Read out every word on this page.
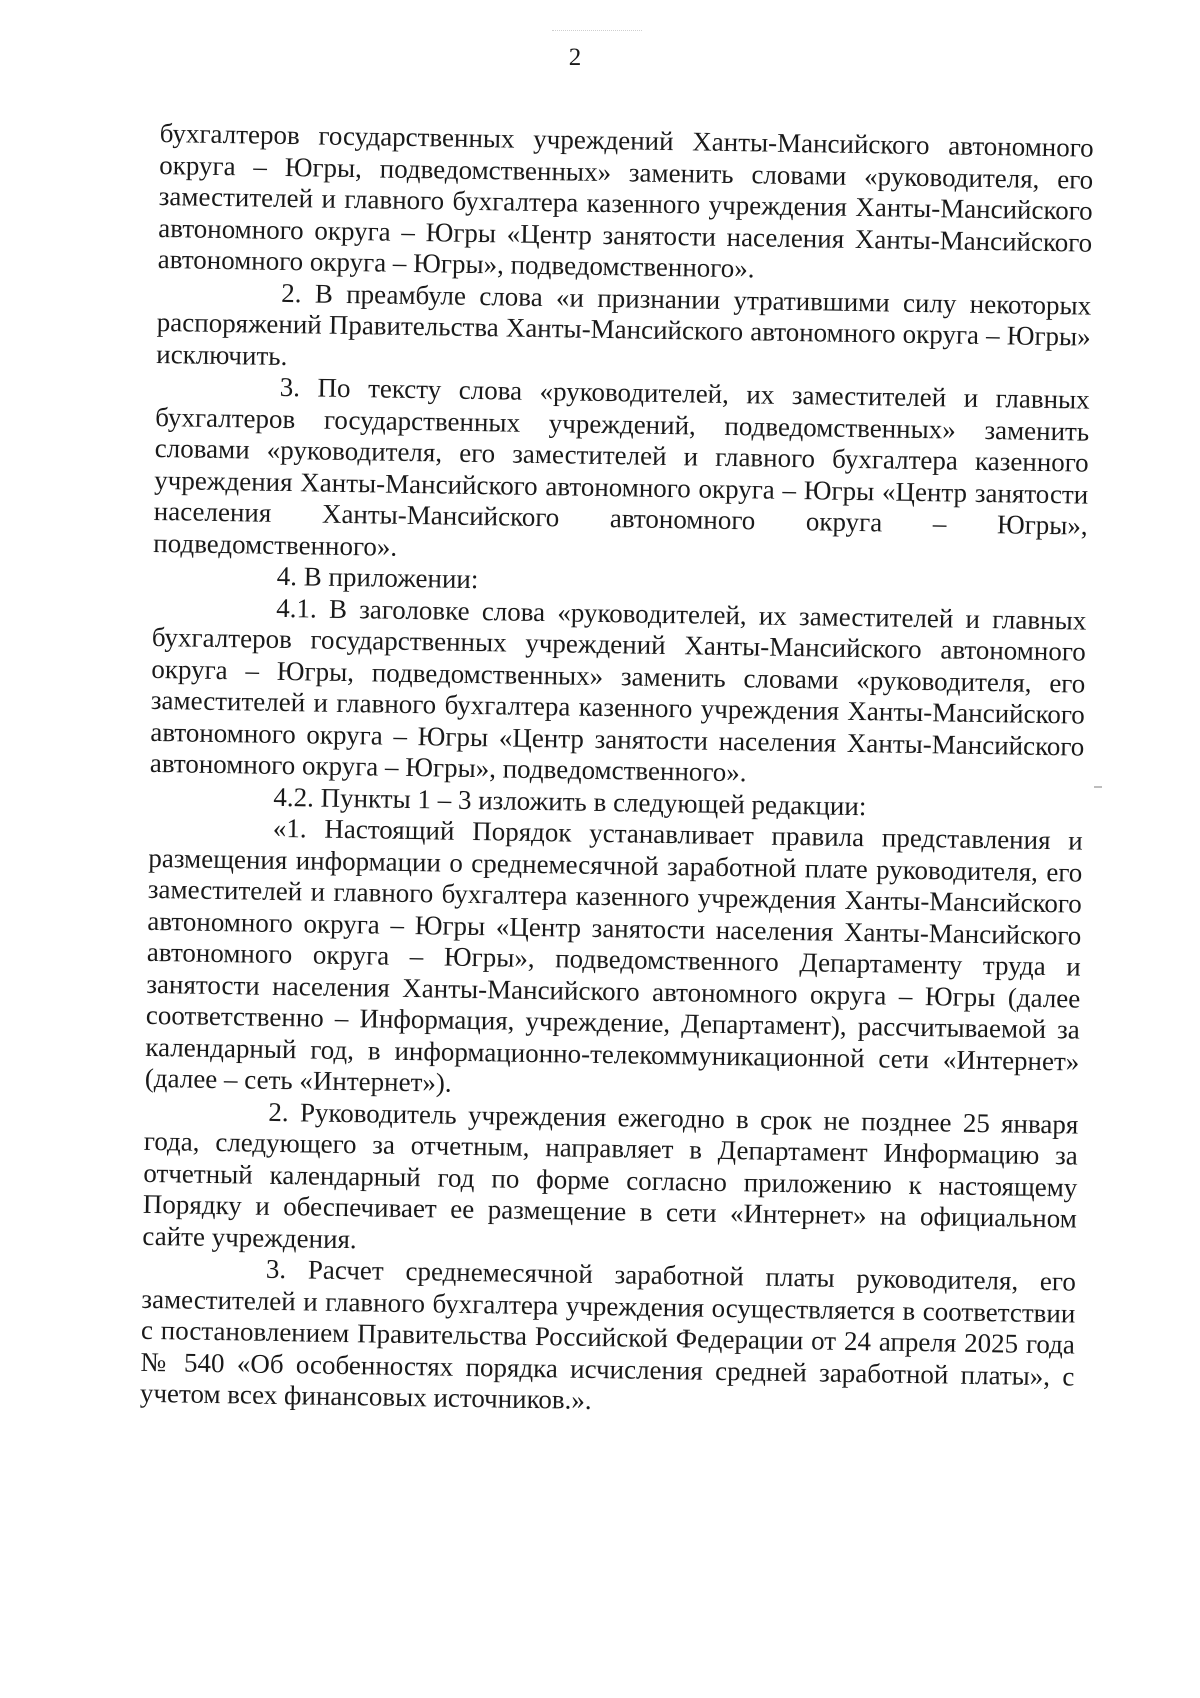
2

бухгалтеров государственных учреждений Ханты-Мансийского автономного округа – Югры, подведомственных» заменить словами «руководителя, его заместителей и главного бухгалтера казенного учреждения Ханты-Мансийского автономного округа – Югры «Центр занятости населения Ханты-Мансийского автономного округа – Югры», подведомственного».

2. В преамбуле слова «и признании утратившими силу некоторых распоряжений Правительства Ханты-Мансийского автономного округа – Югры» исключить.

3. По тексту слова «руководителей, их заместителей и главных бухгалтеров государственных учреждений, подведомственных» заменить словами «руководителя, его заместителей и главного бухгалтера казенного учреждения Ханты-Мансийского автономного округа – Югры «Центр занятости населения Ханты-Мансийского автономного округа – Югры», подведомственного».

4. В приложении:

4.1. В заголовке слова «руководителей, их заместителей и главных бухгалтеров государственных учреждений Ханты-Мансийского автономного округа – Югры, подведомственных» заменить словами «руководителя, его заместителей и главного бухгалтера казенного учреждения Ханты-Мансийского автономного округа – Югры «Центр занятости населения Ханты-Мансийского автономного округа – Югры», подведомственного».

4.2. Пункты 1 – 3 изложить в следующей редакции:

«1. Настоящий Порядок устанавливает правила представления и размещения информации о среднемесячной заработной плате руководителя, его заместителей и главного бухгалтера казенного учреждения Ханты-Мансийского автономного округа – Югры «Центр занятости населения Ханты-Мансийского автономного округа – Югры», подведомственного Департаменту труда и занятости населения Ханты-Мансийского автономного округа – Югры (далее соответственно – Информация, учреждение, Департамент), рассчитываемой за календарный год, в информационно-телекоммуникационной сети «Интернет» (далее – сеть «Интернет»).

2. Руководитель учреждения ежегодно в срок не позднее 25 января года, следующего за отчетным, направляет в Департамент Информацию за отчетный календарный год по форме согласно приложению к настоящему Порядку и обеспечивает ее размещение в сети «Интернет» на официальном сайте учреждения.

3. Расчет среднемесячной заработной платы руководителя, его заместителей и главного бухгалтера учреждения осуществляется в соответствии с постановлением Правительства Российской Федерации от 24 апреля 2025 года № 540 «Об особенностях порядка исчисления средней заработной платы», с учетом всех финансовых источников.».
